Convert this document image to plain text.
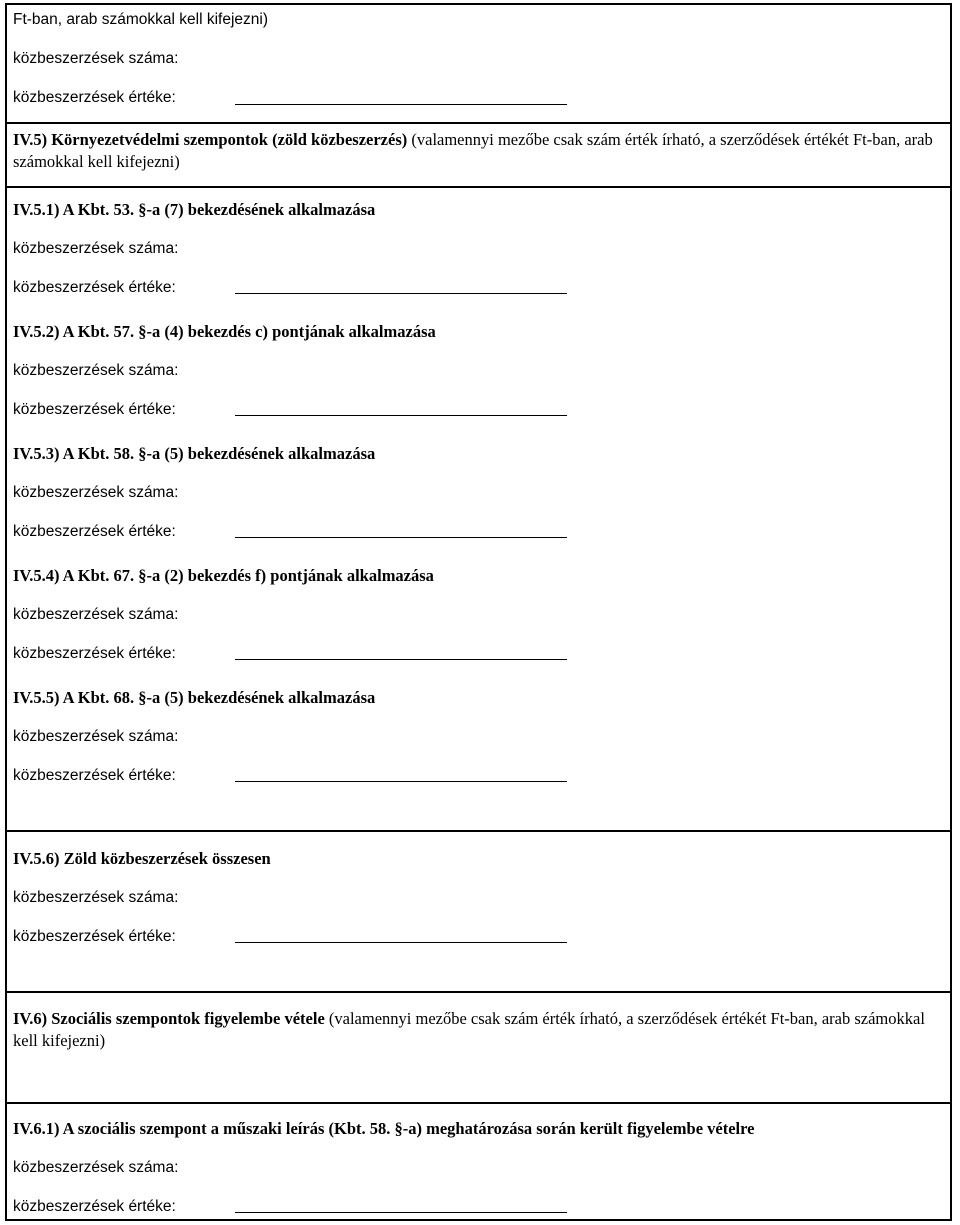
Ft-ban, arab számokkal kell kifejezni)
közbeszerzések száma:
közbeszerzések értéke:
IV.5) Környezetvédelmi szempontok (zöld közbeszerzés) (valamennyi mezőbe csak szám érték írható, a szerződések értékét Ft-ban, arab számokkal kell kifejezni)
IV.5.1) A Kbt. 53. §-a (7) bekezdésének alkalmazása
közbeszerzések száma:
közbeszerzések értéke:
IV.5.2) A Kbt. 57. §-a (4) bekezdés c) pontjának alkalmazása
közbeszerzések száma:
közbeszerzések értéke:
IV.5.3) A Kbt. 58. §-a (5) bekezdésének alkalmazása
közbeszerzések száma:
közbeszerzések értéke:
IV.5.4) A Kbt. 67. §-a (2) bekezdés f) pontjának alkalmazása
közbeszerzések száma:
közbeszerzések értéke:
IV.5.5) A Kbt. 68. §-a (5) bekezdésének alkalmazása
közbeszerzések száma:
közbeszerzések értéke:
IV.5.6) Zöld közbeszerzések összesen
közbeszerzések száma:
közbeszerzések értéke:
IV.6) Szociális szempontok figyelembe vétele (valamennyi mezőbe csak szám érték írható, a szerződések értékét Ft-ban, arab számokkal kell kifejezni)
IV.6.1) A szociális szempont a műszaki leírás (Kbt. 58. §-a) meghatározása során került figyelembe vételre
közbeszerzések száma:
közbeszerzések értéke:
